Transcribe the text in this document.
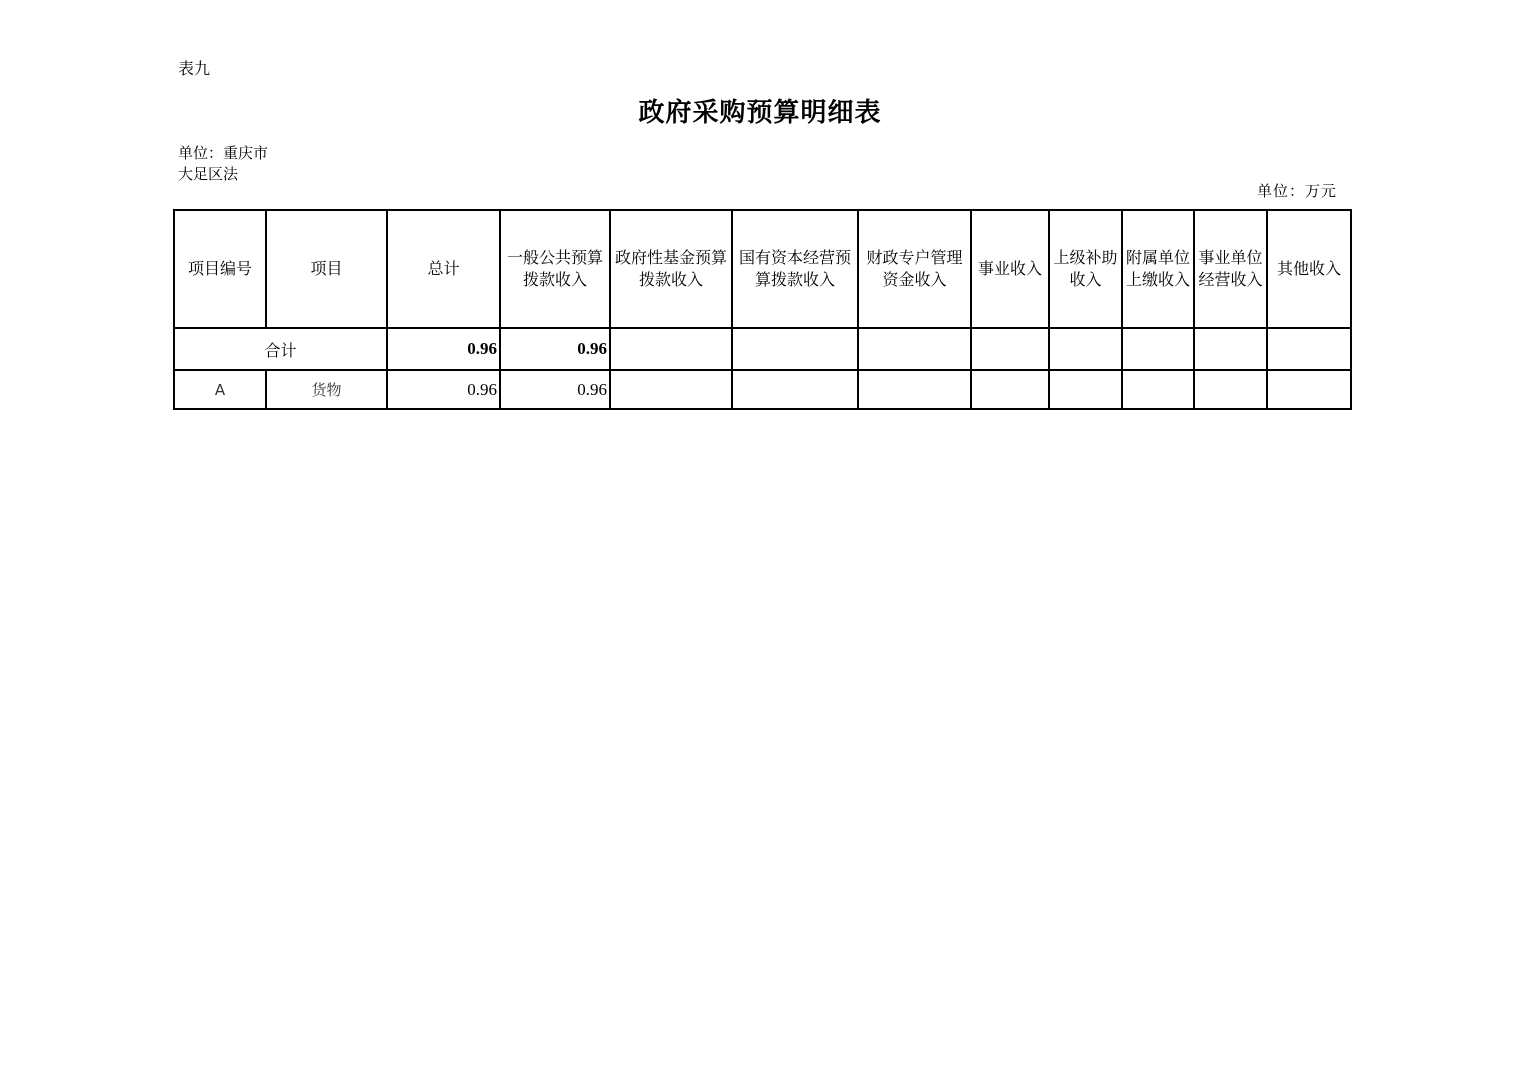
表九
政府采购预算明细表
单位：重庆市大足区法
单位：万元
项目编号	项目	总计	一般公共预算拨款收入	政府性基金预算拨款收入	国有资本经营预算拨款收入	财政专户管理资金收入	事业收入	上级补助收入	附属单位上缴收入	事业单位经营收入	其他收入
合计		0.96	0.96								
A	货物	0.96	0.96								
